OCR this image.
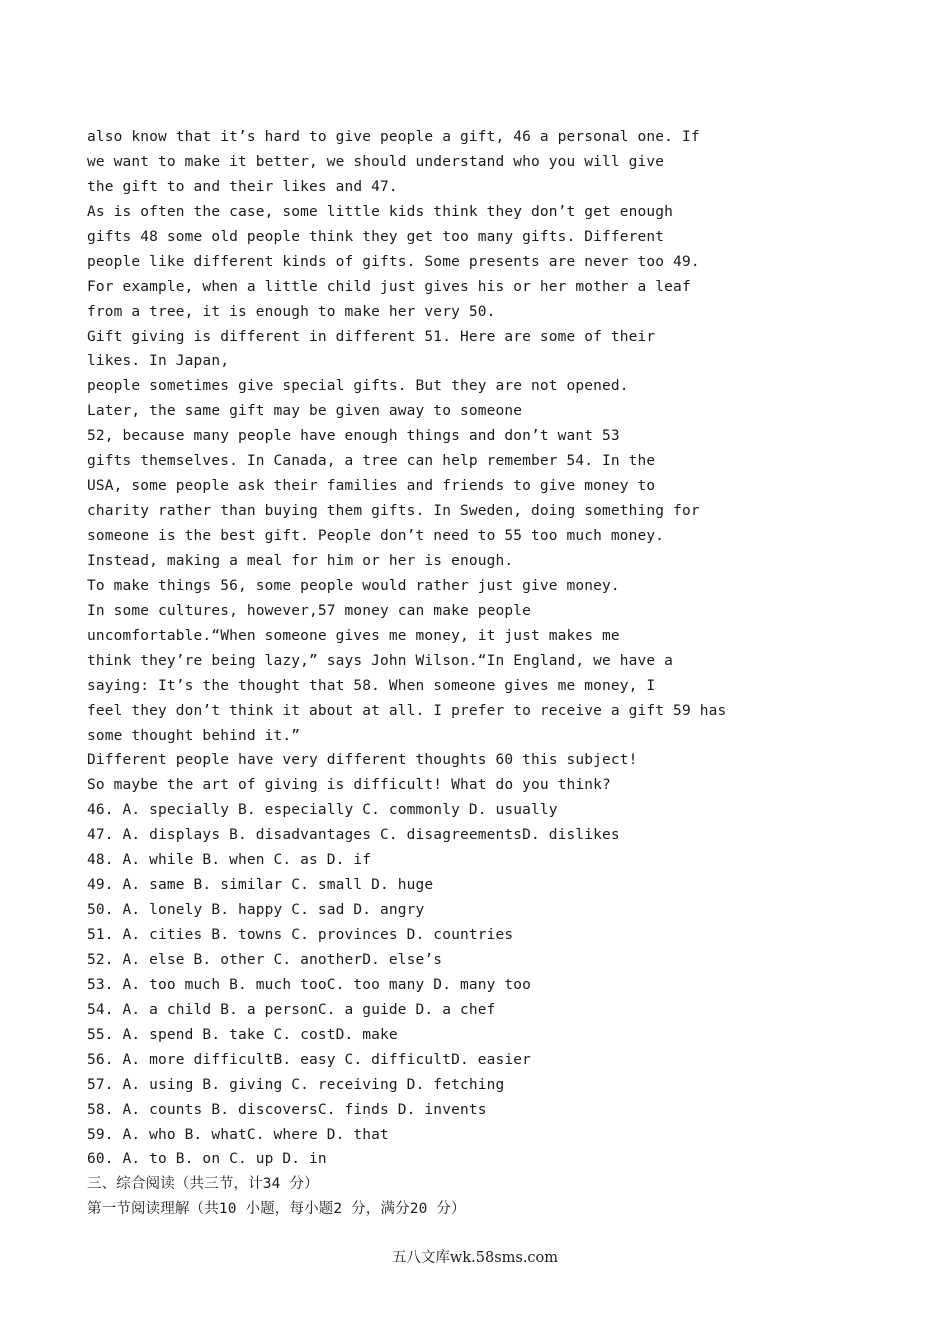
also know that it’s hard to give people a gift, 46 a personal one. If
we want to make it better, we should understand who you will give
the gift to and their likes and 47.
As is often the case, some little kids think they don’t get enough
gifts 48 some old people think they get too many gifts. Different
people like different kinds of gifts. Some presents are never too 49.
For example, when a little child just gives his or her mother a leaf
from a tree, it is enough to make her very 50.
Gift giving is different in different 51. Here are some of their
likes. In Japan,
people sometimes give special gifts. But they are not opened.
Later, the same gift may be given away to someone
52, because many people have enough things and don’t want 53
gifts themselves. In Canada, a tree can help remember 54. In the
USA, some people ask their families and friends to give money to
charity rather than buying them gifts. In Sweden, doing something for
someone is the best gift. People don’t need to 55 too much money.
Instead, making a meal for him or her is enough.
To make things 56, some people would rather just give money.
In some cultures, however,57 money can make people
uncomfortable.“When someone gives me money, it just makes me
think they’re being lazy,” says John Wilson.“In England, we have a
saying: It’s the thought that 58. When someone gives me money, I
feel they don’t think it about at all. I prefer to receive a gift 59 has
some thought behind it.”
Different people have very different thoughts 60 this subject!
So maybe the art of giving is difficult! What do you think?
46. A. specially B. especially C. commonly D. usually
47. A. displays B. disadvantages C. disagreementsD. dislikes
48. A. while B. when C. as D. if
49. A. same B. similar C. small D. huge
50. A. lonely B. happy C. sad D. angry
51. A. cities B. towns C. provinces D. countries
52. A. else B. other C. anotherD. else’s
53. A. too much B. much tooC. too many D. many too
54. A. a child B. a personC. a guide D. a chef
55. A. spend B. take C. costD. make
56. A. more difficultB. easy C. difficultD. easier
57. A. using B. giving C. receiving D. fetching
58. A. counts B. discoversC. finds D. invents
59. A. who B. whatC. where D. that
60. A. to B. on C. up D. in
三、综合阅读（共三节，计34 分）
第一节阅读理解（共10 小题，每小题2 分，满分20 分）
五八文库wk.58sms.com
